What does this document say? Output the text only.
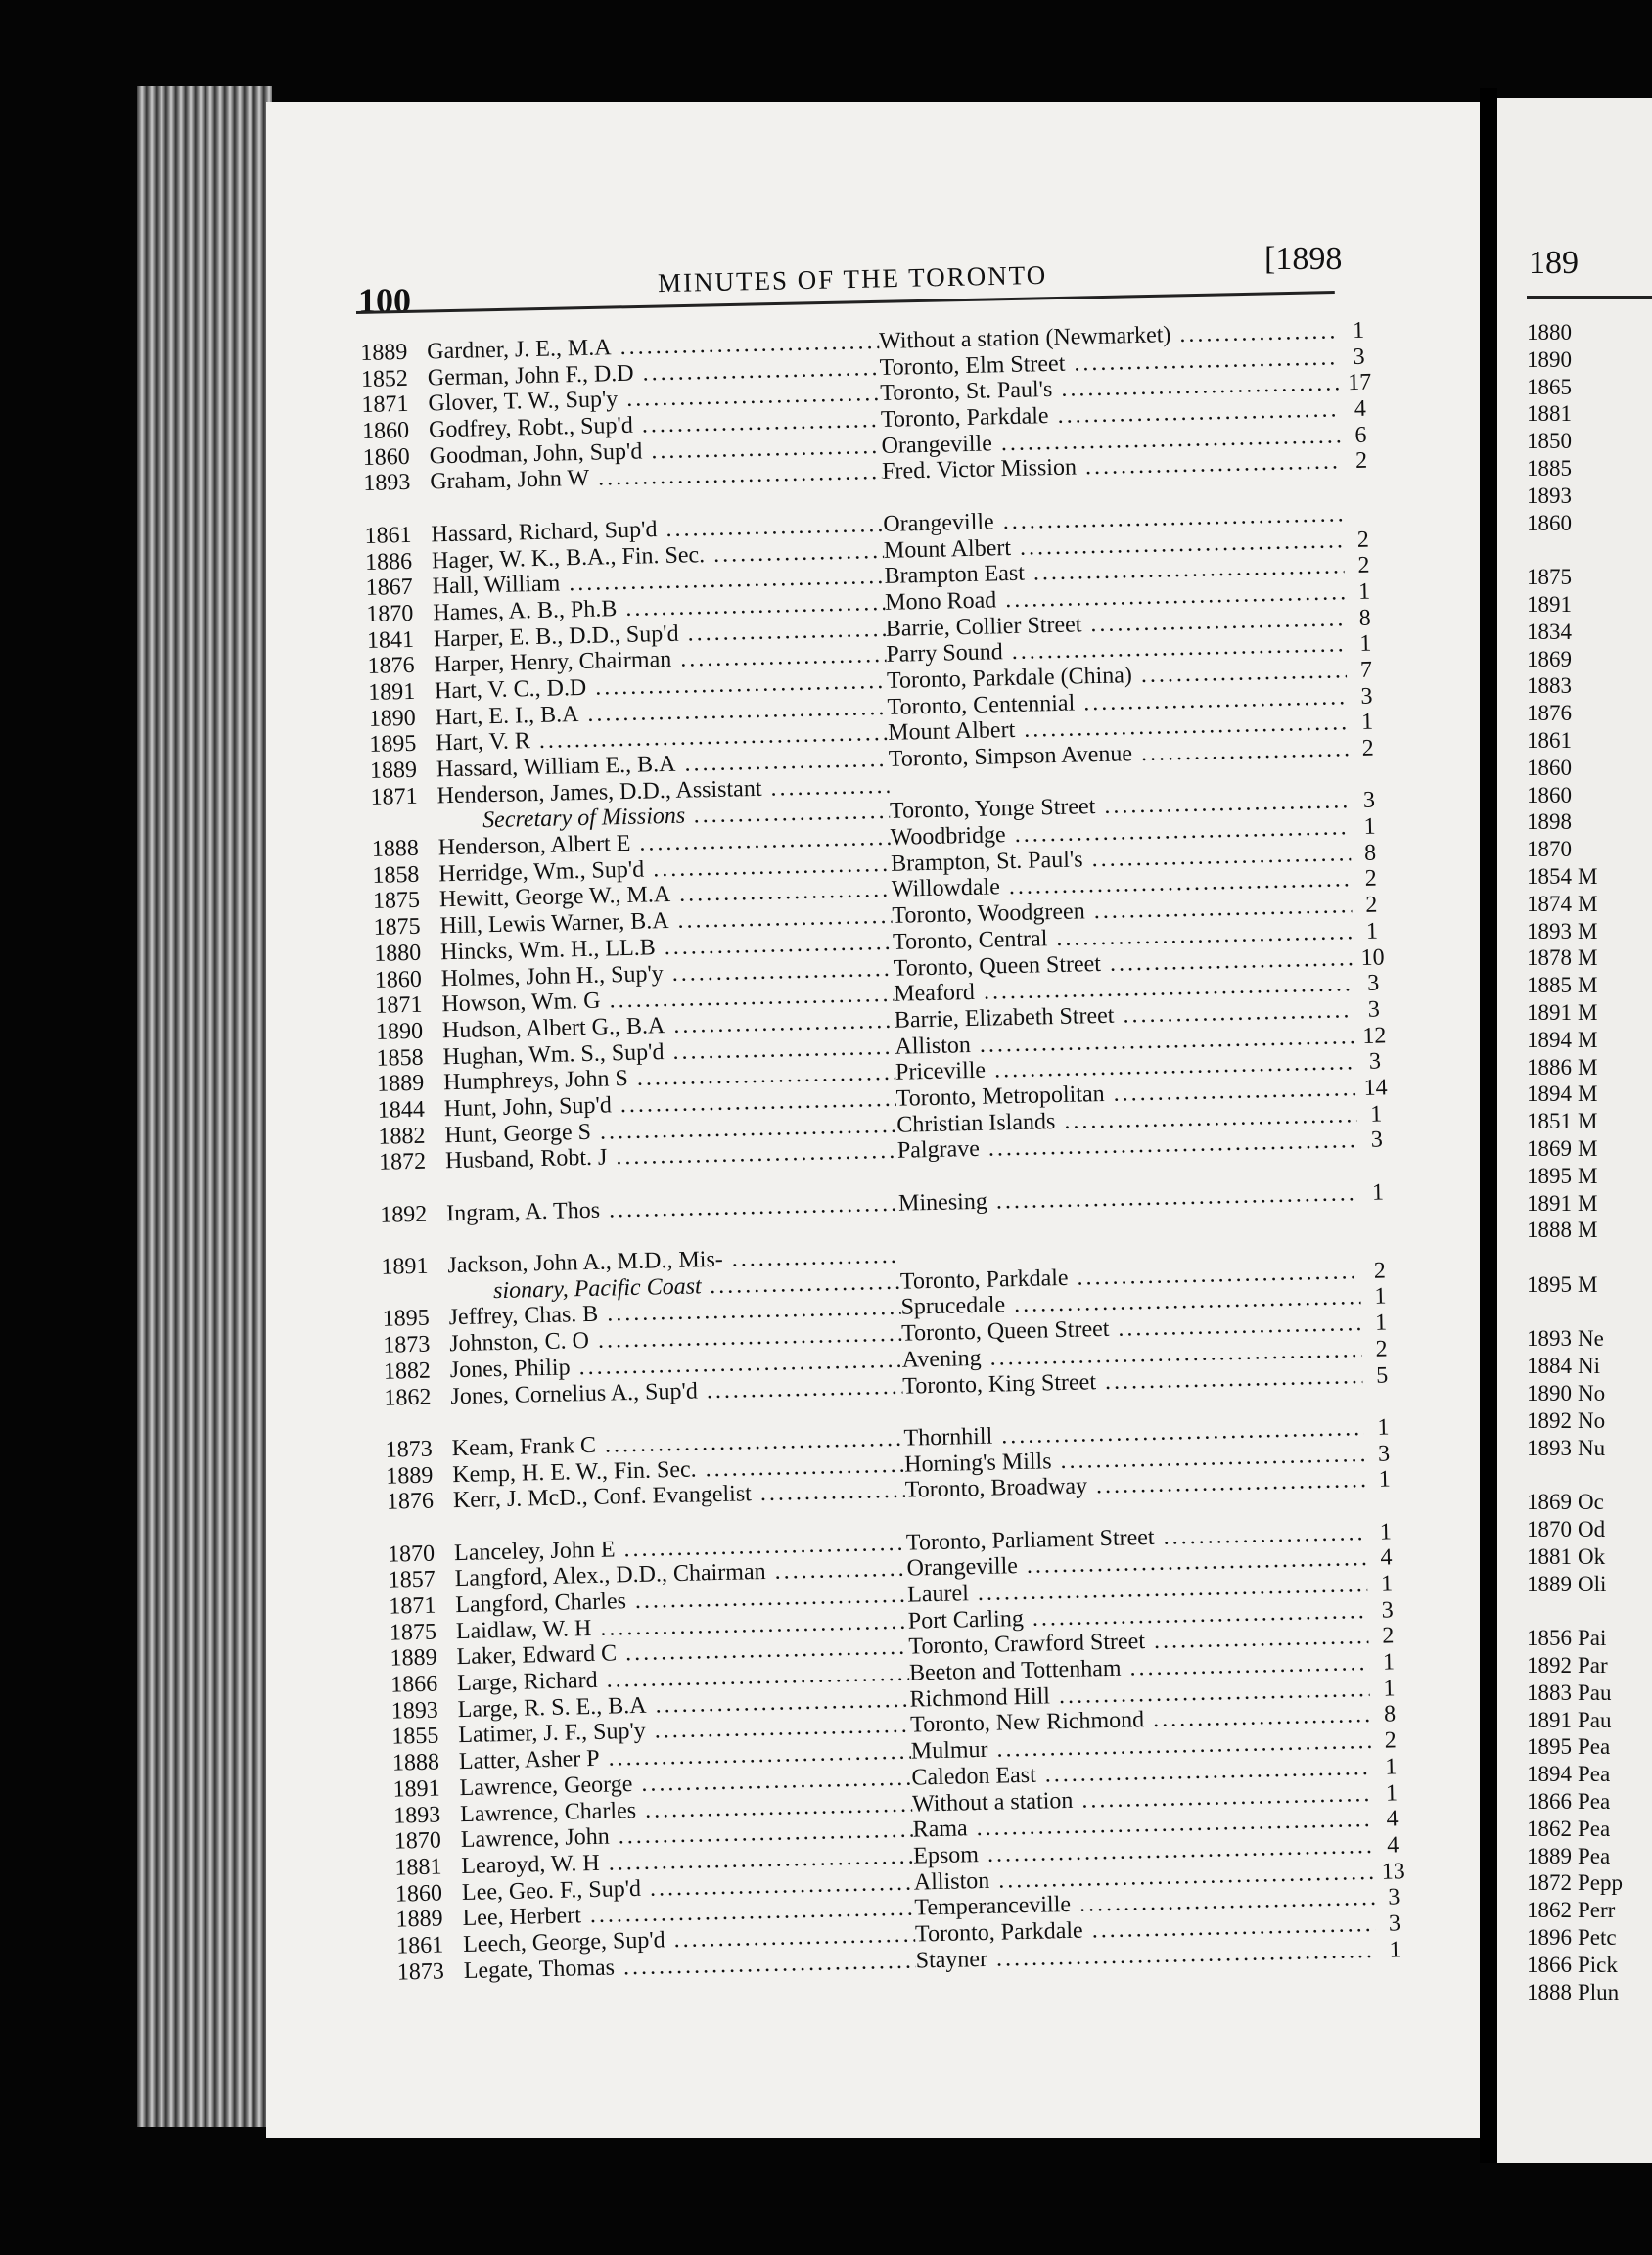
100
MINUTES OF THE TORONTO
[1898
1889 Gardner, J. E., M.A .....	Without a station (Newmarket) .....	1
1852 German, John F., D.D .....	Toronto, Elm Street .....	3
1871 Glover, T. W., Sup'y .....	Toronto, St. Paul's .....	17
1860 Godfrey, Robt., Sup'd .....	Toronto, Parkdale .....	4
1860 Goodman, John, Sup'd .....	Orangeville .....	6
1893 Graham, John W .....	Fred. Victor Mission .....	2
1861 Hassard, Richard, Sup'd .....	Orangeville .....
1886 Hager, W. K., B.A., Fin. Sec. .....	Mount Albert .....	2
1867 Hall, William .....	Brampton East .....	2
1870 Hames, A. B., Ph.B .....	Mono Road .....	1
1841 Harper, E. B., D.D., Sup'd .....	Barrie, Collier Street .....	8
1876 Harper, Henry, Chairman .....	Parry Sound .....	1
1891 Hart, V. C., D.D .....	Toronto, Parkdale (China) .....	7
1890 Hart, E. I., B.A .....	Toronto, Centennial .....	3
1895 Hart, V. R .....	Mount Albert .....	1
1889 Hassard, William E., B.A .....	Toronto, Simpson Avenue .....	2
1871 Henderson, James, D.D., Assistant .....
Secretary of Missions .....	Toronto, Yonge Street .....	3
1888 Henderson, Albert E .....	Woodbridge .....	1
1858 Herridge, Wm., Sup'd .....	Brampton, St. Paul's .....	8
1875 Hewitt, George W., M.A .....	Willowdale .....	2
1875 Hill, Lewis Warner, B.A .....	Toronto, Woodgreen .....	2
1880 Hincks, Wm. H., LL.B .....	Toronto, Central .....	1
1860 Holmes, John H., Sup'y .....	Toronto, Queen Street .....	10
1871 Howson, Wm. G .....	Meaford .....	3
1890 Hudson, Albert G., B.A .....	Barrie, Elizabeth Street .....	3
1858 Hughan, Wm. S., Sup'd .....	Alliston .....	12
1889 Humphreys, John S .....	Priceville .....	3
1844 Hunt, John, Sup'd .....	Toronto, Metropolitan .....	14
1882 Hunt, George S .....	Christian Islands .....	1
1872 Husband, Robt. J .....	Palgrave .....	3
1892 Ingram, A. Thos .....	Minesing .....	1
1891 Jackson, John A., M.D., Mis- .....
sionary, Pacific Coast .....	Toronto, Parkdale .....	2
1895 Jeffrey, Chas. B .....	Sprucedale .....	1
1873 Johnston, C. O .....	Toronto, Queen Street .....	1
1882 Jones, Philip .....	Avening .....	2
1862 Jones, Cornelius A., Sup'd .....	Toronto, King Street .....	5
1873 Keam, Frank C .....	Thornhill .....	1
1889 Kemp, H. E. W., Fin. Sec. .....	Horning's Mills .....	3
1876 Kerr, J. McD., Conf. Evangelist .....	Toronto, Broadway .....	1
1870 Lanceley, John E .....	Toronto, Parliament Street .....	1
1857 Langford, Alex., D.D., Chairman .....	Orangeville .....	4
1871 Langford, Charles .....	Laurel .....	1
1875 Laidlaw, W. H .....	Port Carling .....	3
1889 Laker, Edward C .....	Toronto, Crawford Street .....	2
1866 Large, Richard .....	Beeton and Tottenham .....	1
1893 Large, R. S. E., B.A .....	Richmond Hill .....	1
1855 Latimer, J. F., Sup'y .....	Toronto, New Richmond .....	8
1888 Latter, Asher P .....	Mulmur .....	2
1891 Lawrence, George .....	Caledon East .....	1
1893 Lawrence, Charles .....	Without a station .....	1
1870 Lawrence, John .....	Rama .....	4
1881 Learoyd, W. H .....	Epsom .....	4
1860 Lee, Geo. F., Sup'd .....	Alliston .....	13
1889 Lee, Herbert .....	Temperanceville .....	3
1861 Leech, George, Sup'd .....	Toronto, Parkdale .....	3
1873 Legate, Thomas .....	Stayner .....	1
189
1880
1890
1865
1881
1850
1885
1893
1860
1875
1891
1834
1869
1883
1876
1861
1860
1860
1898
1870
1854 M
1874 M
1893 M
1878 M
1885 M
1891 M
1894 M
1886 M
1894 M
1851 M
1869 M
1895 M
1891 M
1888 M
1895 M
1893 Ne
1884 Ni
1890 No
1892 No
1893 Nu
1869 Oc
1870 Od
1881 Ok
1889 Oli
1856 Pai
1892 Par
1883 Pau
1891 Pau
1895 Pea
1894 Pea
1866 Pea
1862 Pea
1889 Pea
1872 Pepp
1862 Perr
1896 Petc
1866 Pick
1888 Plun
